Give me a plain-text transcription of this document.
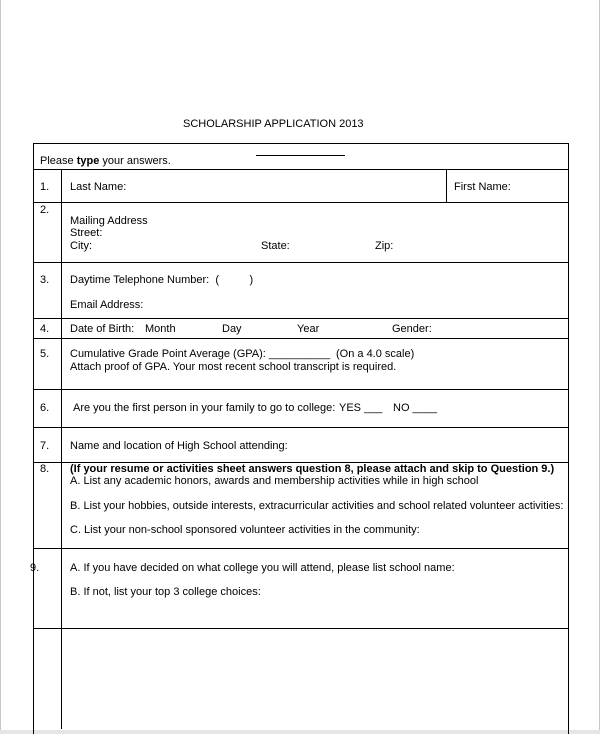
SCHOLARSHIP APPLICATION 2013
Please type your answers.
1. Last Name:	First Name:
2.
Mailing Address
Street:
City:	State:	Zip:
3. Daytime Telephone Number:  (          )
Email Address:
4. Date of Birth: Month	Day	Year	Gender:
5. Cumulative Grade Point Average (GPA): __________ (On a 4.0 scale)
Attach proof of GPA. Your most recent school transcript is required.
6. Are you the first person in your family to go to college: YES ___ NO ____
7. Name and location of High School attending:
8. (If your resume or activities sheet answers question 8, please attach and skip to Question 9.)
A. List any academic honors, awards and membership activities while in high school
B. List your hobbies, outside interests, extracurricular activities and school related volunteer activities:
C. List your non-school sponsored volunteer activities in the community:
9.	A. If you have decided on what college you will attend, please list school name:
B. If not, list your top 3 college choices:
